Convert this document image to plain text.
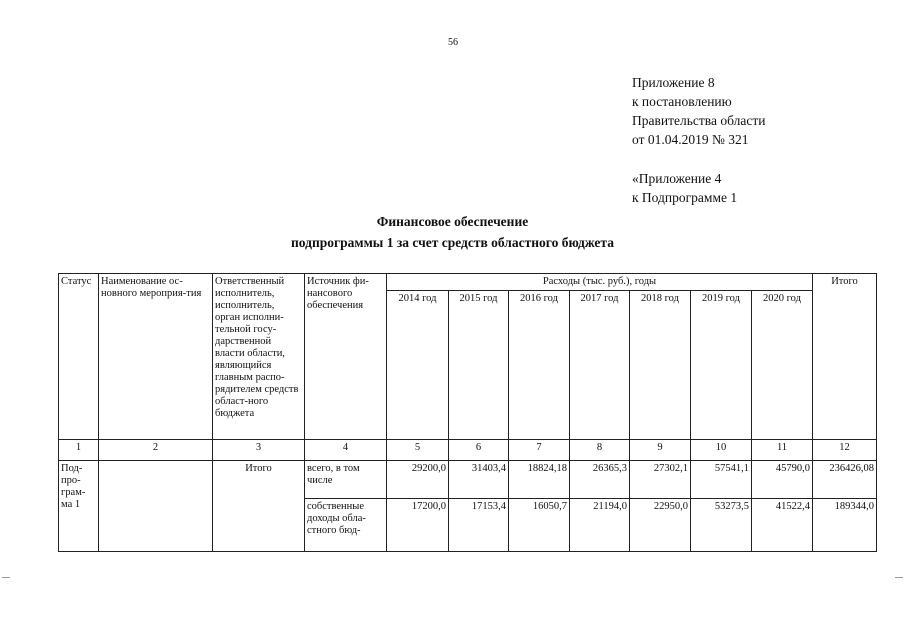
56
Приложение 8
к постановлению
Правительства области
от 01.04.2019 № 321
«Приложение 4
к Подпрограмме 1
Финансовое обеспечение
подпрограммы 1 за счет средств областного бюджета
Статус	Наименование ос-новного мероприя-тия	Ответственный исполнитель, исполнитель, орган исполни-тельной госу-дарственной власти области, являющийся главным распо-рядителем средств област-ного бюджета	Источник фи-нансового обеспечения	Расходы (тыс. руб.), годы							Итого
				2014 год	2015 год	2016 год	2017 год	2018 год	2019 год	2020 год	
1	2	3	4	5	6	7	8	9	10	11	12
Под-про-грам-ма 1		Итого	всего, в том числе	29200,0	31403,4	18824,18	26365,3	27302,1	57541,1	45790,0	236426,08

			собственные доходы обла-стного бюд-	17200,0	17153,4	16050,7	21194,0	22950,0	53273,5	41522,4	189344,0
